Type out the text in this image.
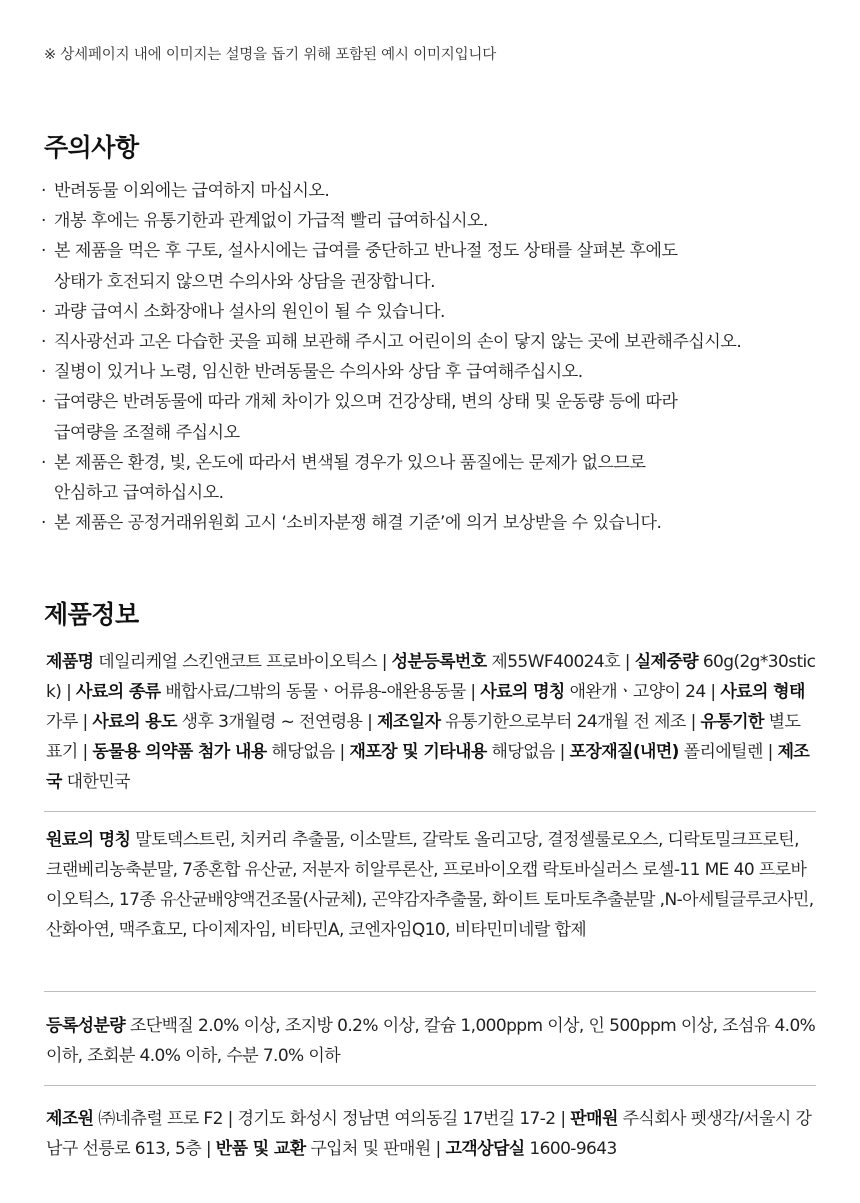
※ 상세페이지 내에 이미지는 설명을 돕기 위해 포함된 예시 이미지입니다
주의사항
· 반려동물 이외에는 급여하지 마십시오.
· 개봉 후에는 유통기한과 관계없이 가급적 빨리 급여하십시오.
· 본 제품을 먹은 후 구토, 설사시에는 급여를 중단하고 반나절 정도 상태를 살펴본 후에도
상태가 호전되지 않으면 수의사와 상담을 권장합니다.
· 과량 급여시 소화장애나 설사의 원인이 될 수 있습니다.
· 직사광선과 고온 다습한 곳을 피해 보관해 주시고 어린이의 손이 닿지 않는 곳에 보관해주십시오.
· 질병이 있거나 노령, 임신한 반려동물은 수의사와 상담 후 급여해주십시오.
· 급여량은 반려동물에 따라 개체 차이가 있으며 건강상태, 변의 상태 및 운동량 등에 따라
급여량을 조절해 주십시오
· 본 제품은 환경, 빛, 온도에 따라서 변색될 경우가 있으나 품질에는 문제가 없으므로
안심하고 급여하십시오.
· 본 제품은 공정거래위원회 고시 ‘소비자분쟁 해결 기준’에 의거 보상받을 수 있습니다.
제품정보
제품명 데일리케얼 스킨앤코트 프로바이오틱스 | 성분등록번호 제55WF40024호 | 실제중량 60g(2g*30stick) | 사료의 종류 배합사료/그밖의 동물ㆍ어류용-애완용동물 | 사료의 명칭 애완개ㆍ고양이 24 | 사료의 형태 가루 | 사료의 용도 생후 3개월령 ~ 전연령용 | 제조일자 유통기한으로부터 24개월 전 제조 | 유통기한 별도표기 | 동물용 의약품 첨가 내용 해당없음 | 재포장 및 기타내용 해당없음 | 포장재질(내면) 폴리에틸렌 | 제조국 대한민국
원료의 명칭 말토덱스트린, 치커리 추출물, 이소말트, 갈락토 올리고당, 결정셀룰로오스, 디락토밀크프로틴, 크랜베리농축분말, 7종혼합 유산균, 저분자 히알루론산, 프로바이오캡 락토바실러스 로셀-11 ME 40 프로바이오틱스, 17종 유산균배양액건조물(사균체), 곤약감자추출물, 화이트 토마토추출분말 ,N-아세틸글루코사민, 산화아연, 맥주효모, 다이제자임, 비타민A, 코엔자임Q10, 비타민미네랄 합제
등록성분량 조단백질 2.0% 이상, 조지방 0.2% 이상, 칼슘 1,000ppm 이상, 인 500ppm 이상, 조섬유 4.0% 이하, 조회분 4.0% 이하, 수분 7.0% 이하
제조원 ㈜네츄럴 프로 F2 | 경기도 화성시 정남면 여의동길 17번길 17-2 | 판매원 주식회사 펫생각/서울시 강남구 선릉로 613, 5층 | 반품 및 교환 구입처 및 판매원 | 고객상담실 1600-9643
